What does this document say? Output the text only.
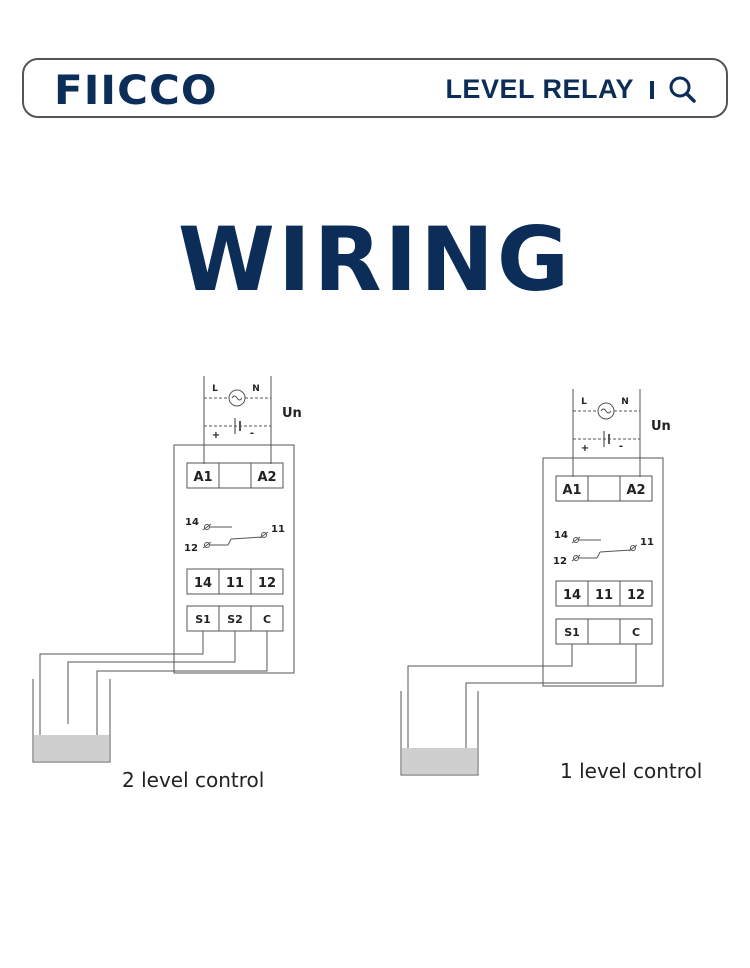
FIICCO	LEVEL RELAY
WIRING
L	N
+	-
Un
A1	A2
14
12
11
14 11 12
S1 S2 C
L	N
+	-
Un
A1	A2
14
12
11
14 11 12
S1	C
2 level control	1 level control
